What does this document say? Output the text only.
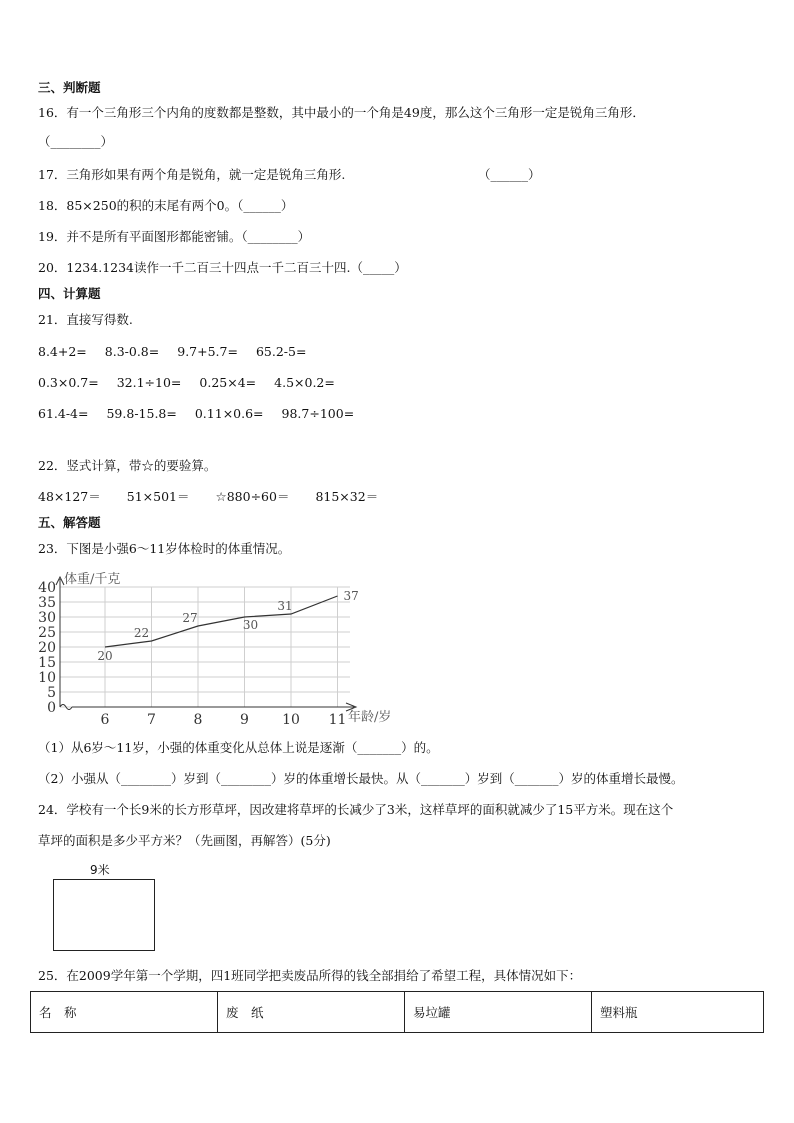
三、判断题
16．有一个三角形三个内角的度数都是整数，其中最小的一个角是49度，那么这个三角形一定是锐角三角形．
（________）
17．三角形如果有两个角是锐角，就一定是锐角三角形.	（______）
18．85×250的积的末尾有两个0。（______）
19．并不是所有平面图形都能密铺。（________）
20．1234.1234读作一千二百三十四点一千二百三十四.（_____）
四、计算题
21．直接写得数.
8.4+2= 8.3-0.8= 9.7+5.7= 65.2-5=
0.3×0.7= 32.1÷10= 0.25×4= 4.5×0.2=
61.4-4= 59.8-15.8= 0.11×0.6= 98.7÷100=
22．竖式计算，带☆的要验算。
48×127＝ 51×501＝ ☆880÷60＝ 815×32＝
五、解答题
23．下图是小强6～11岁体检时的体重情况。
0
5
10
15
20
25
30
35
40
6	7	8	9 10 11
20
22
27	30
31
37
体重/千克
年龄/岁
（1）从6岁～11岁，小强的体重变化从总体上说是逐渐（_______）的。
（2）小强从（________）岁到（________）岁的体重增长最快。从（_______）岁到（_______）岁的体重增长最慢。
24．学校有一个长9米的长方形草坪，因改建将草坪的长减少了3米，这样草坪的面积就减少了15平方米。现在这个
草坪的面积是多少平方米？（先画图，再解答）(5分)
9米
25．在2009学年第一个学期，四1班同学把卖废品所得的钱全部捐给了希望工程，具体情况如下：
名　称	废　纸	易垃罐	塑料瓶
